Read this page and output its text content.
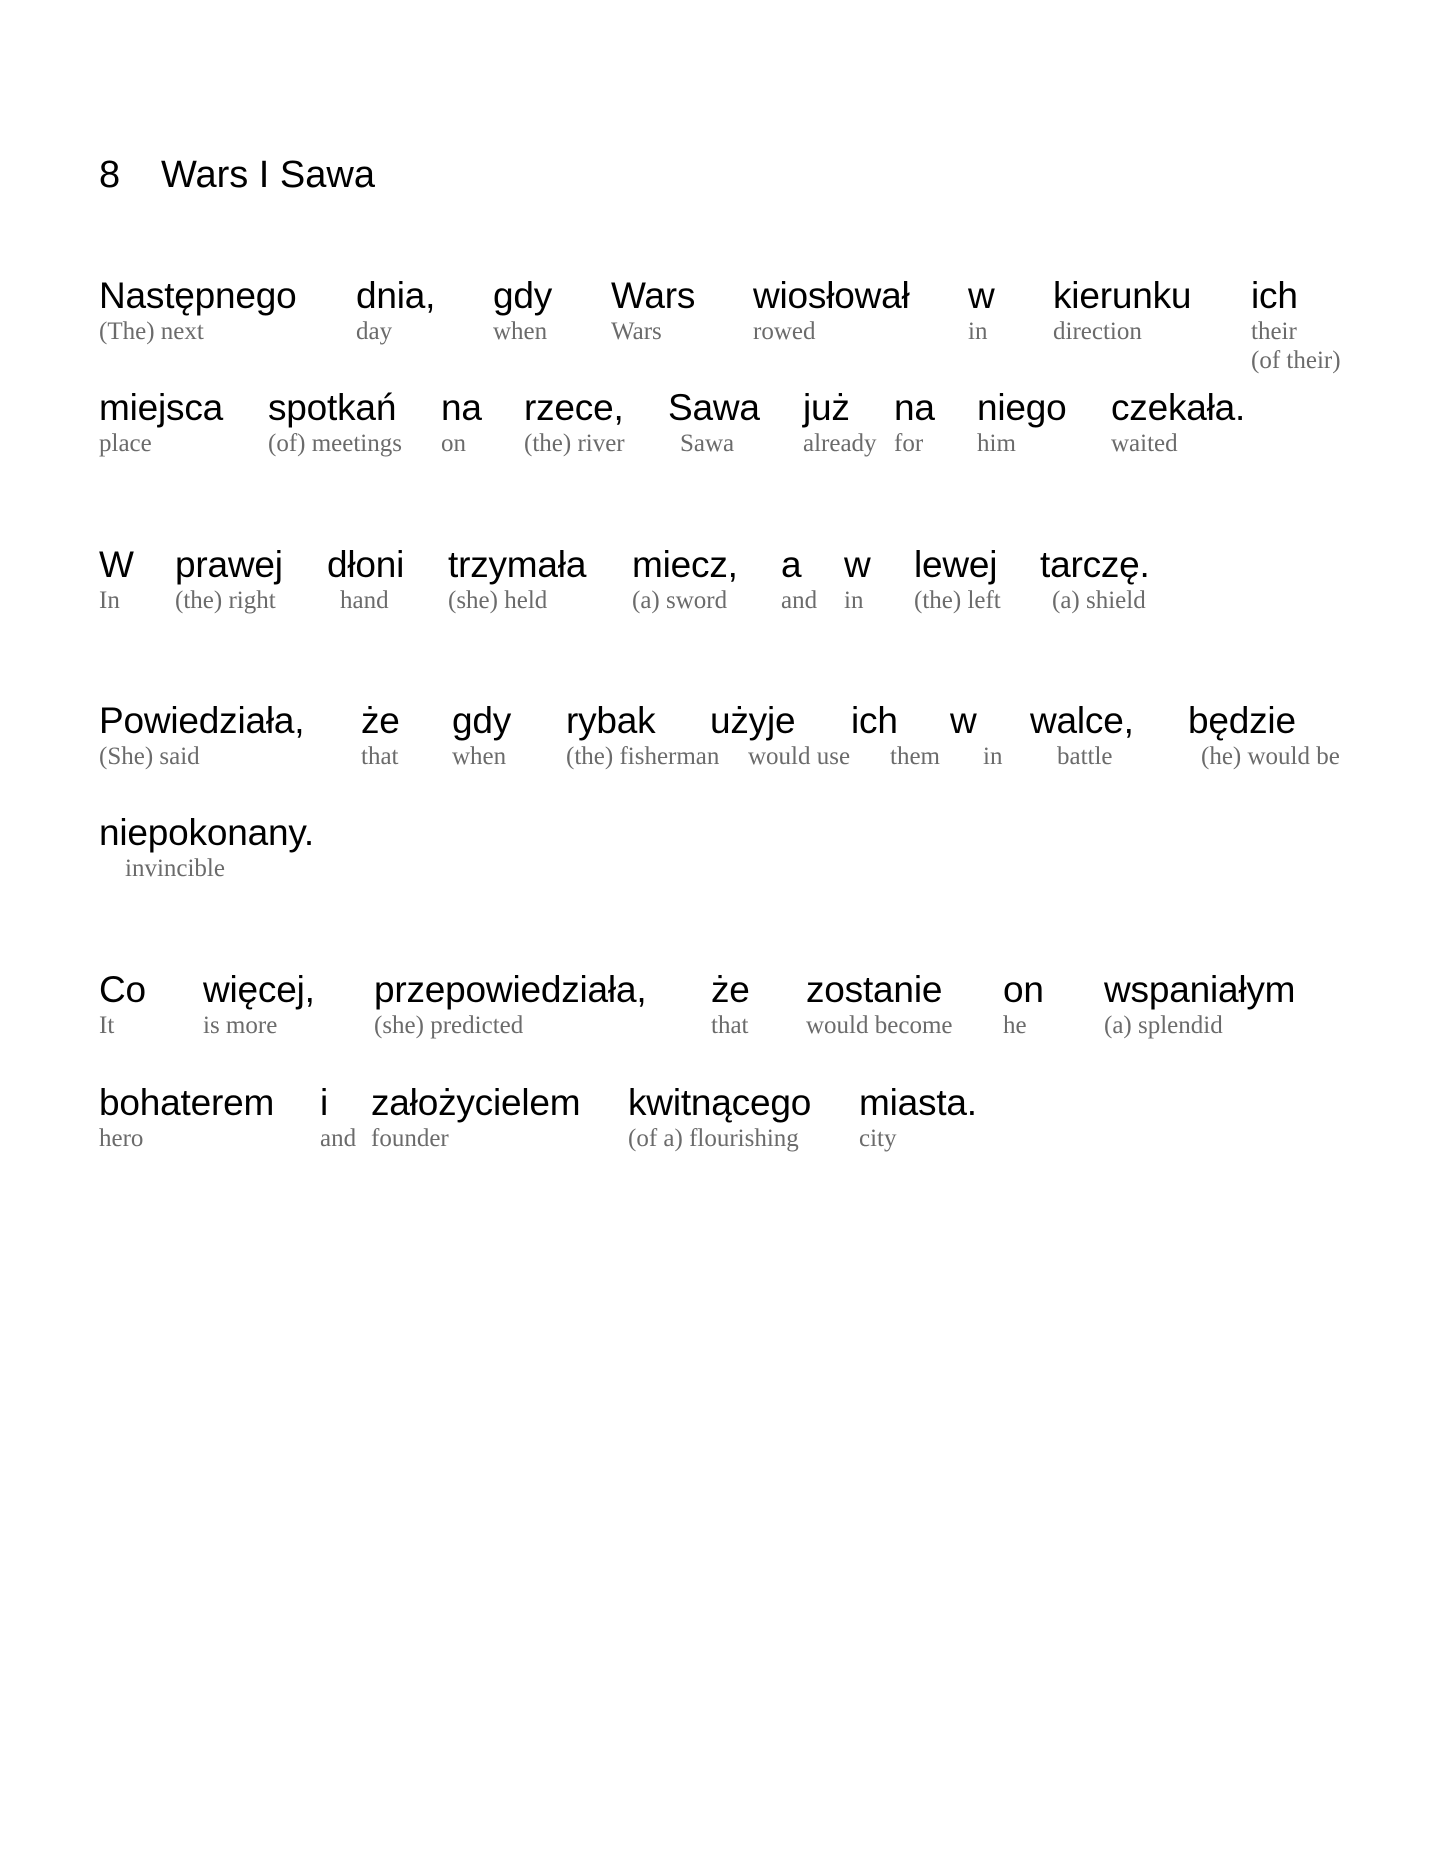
8 Wars I Sawa
Następnego
(The) next
dnia,
day
gdy
when
Wars
Wars
wiosłował
rowed
w
in
kierunku
direction
ich
their
(of their)
miejsca
place
spotkań
(of) meetings
na
on
rzece,
(the) river
Sawa
Sawa
już
already
na
for
niego
him
czekała.
waited
W
In
prawej
(the) right
dłoni
hand
trzymała
(she) held
miecz,
(a) sword
a
and
w
in
lewej
(the) left
tarczę.
(a) shield
Powiedziała,
(She) said
że
that
gdy
when
rybak
(the) fisherman
użyje
would use
ich
them
w
in
walce,
battle
będzie
(he) would be
niepokonany.
invincible
Co
It
więcej,
is more
przepowiedziała,
(she) predicted
że
that
zostanie
would become
on
he
wspaniałym
(a) splendid
bohaterem
hero
i
and
założycielem
founder
kwitnącego
(of a) flourishing
miasta.
city
